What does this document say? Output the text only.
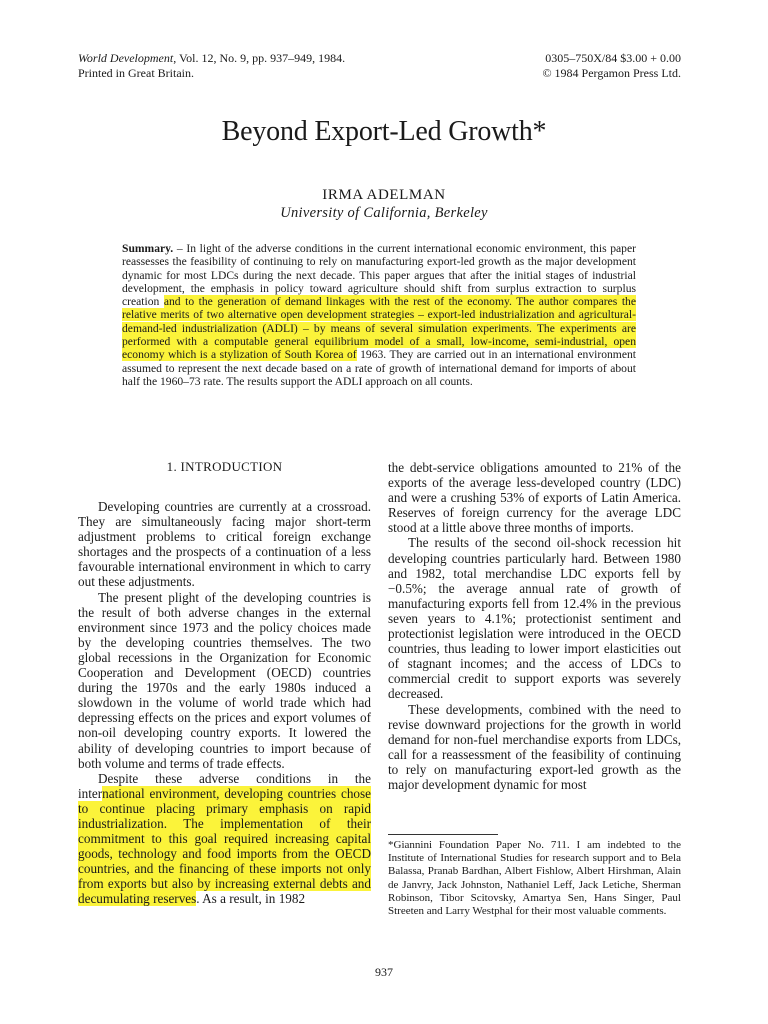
World Development, Vol. 12, No. 9, pp. 937–949, 1984.
Printed in Great Britain.
0305–750X/84 $3.00 + 0.00
© 1984 Pergamon Press Ltd.
Beyond Export-Led Growth*
IRMA ADELMAN
University of California, Berkeley
Summary. – In light of the adverse conditions in the current international economic environment, this paper reassesses the feasibility of continuing to rely on manufacturing export-led growth as the major development dynamic for most LDCs during the next decade. This paper argues that after the initial stages of industrial development, the emphasis in policy toward agriculture should shift from surplus extraction to surplus creation and to the generation of demand linkages with the rest of the economy. The author compares the relative merits of two alternative open development strategies – export-led industrialization and agricultural-demand-led industrialization (ADLI) – by means of several simulation experiments. The experiments are performed with a computable general equilibrium model of a small, low-income, semi-industrial, open economy which is a stylization of South Korea of 1963. They are carried out in an international environment assumed to represent the next decade based on a rate of growth of international demand for imports of about half the 1960–73 rate. The results support the ADLI approach on all counts.
1. INTRODUCTION

Developing countries are currently at a crossroad. They are simultaneously facing major short-term adjustment problems to critical foreign exchange shortages and the prospects of a continuation of a less favourable international environment in which to carry out these adjustments.

The present plight of the developing countries is the result of both adverse changes in the external environment since 1973 and the policy choices made by the developing countries themselves. The two global recessions in the Organization for Economic Cooperation and Development (OECD) countries during the 1970s and the early 1980s induced a slowdown in the volume of world trade which had depressing effects on the prices and export volumes of non-oil developing country exports. It lowered the ability of developing countries to import because of both volume and terms of trade effects.

Despite these adverse conditions in the international environment, developing countries chose to continue placing primary emphasis on rapid industrialization. The implementation of their commitment to this goal required increasing capital goods, technology and food imports from the OECD countries, and the financing of these imports not only from exports but also by increasing external debts and decumulating reserves. As a result, in 1982

the debt-service obligations amounted to 21% of the exports of the average less-developed country (LDC) and were a crushing 53% of exports of Latin America. Reserves of foreign currency for the average LDC stood at a little above three months of imports.

The results of the second oil-shock recession hit developing countries particularly hard. Between 1980 and 1982, total merchandise LDC exports fell by −0.5%; the average annual rate of growth of manufacturing exports fell from 12.4% in the previous seven years to 4.1%; protectionist sentiment and protectionist legislation were introduced in the OECD countries, thus leading to lower import elasticities out of stagnant incomes; and the access of LDCs to commercial credit to support exports was severely decreased.

These developments, combined with the need to revise downward projections for the growth in world demand for non-fuel merchandise exports from LDCs, call for a reassessment of the feasibility of continuing to rely on manufacturing export-led growth as the major development dynamic for most

*Giannini Foundation Paper No. 711. I am indebted to the Institute of International Studies for research support and to Bela Balassa, Pranab Bardhan, Albert Fishlow, Albert Hirshman, Alain de Janvry, Jack Johnston, Nathaniel Leff, Jack Letiche, Sherman Robinson, Tibor Scitovsky, Amartya Sen, Hans Singer, Paul Streeten and Larry Westphal for their most valuable comments.
937
